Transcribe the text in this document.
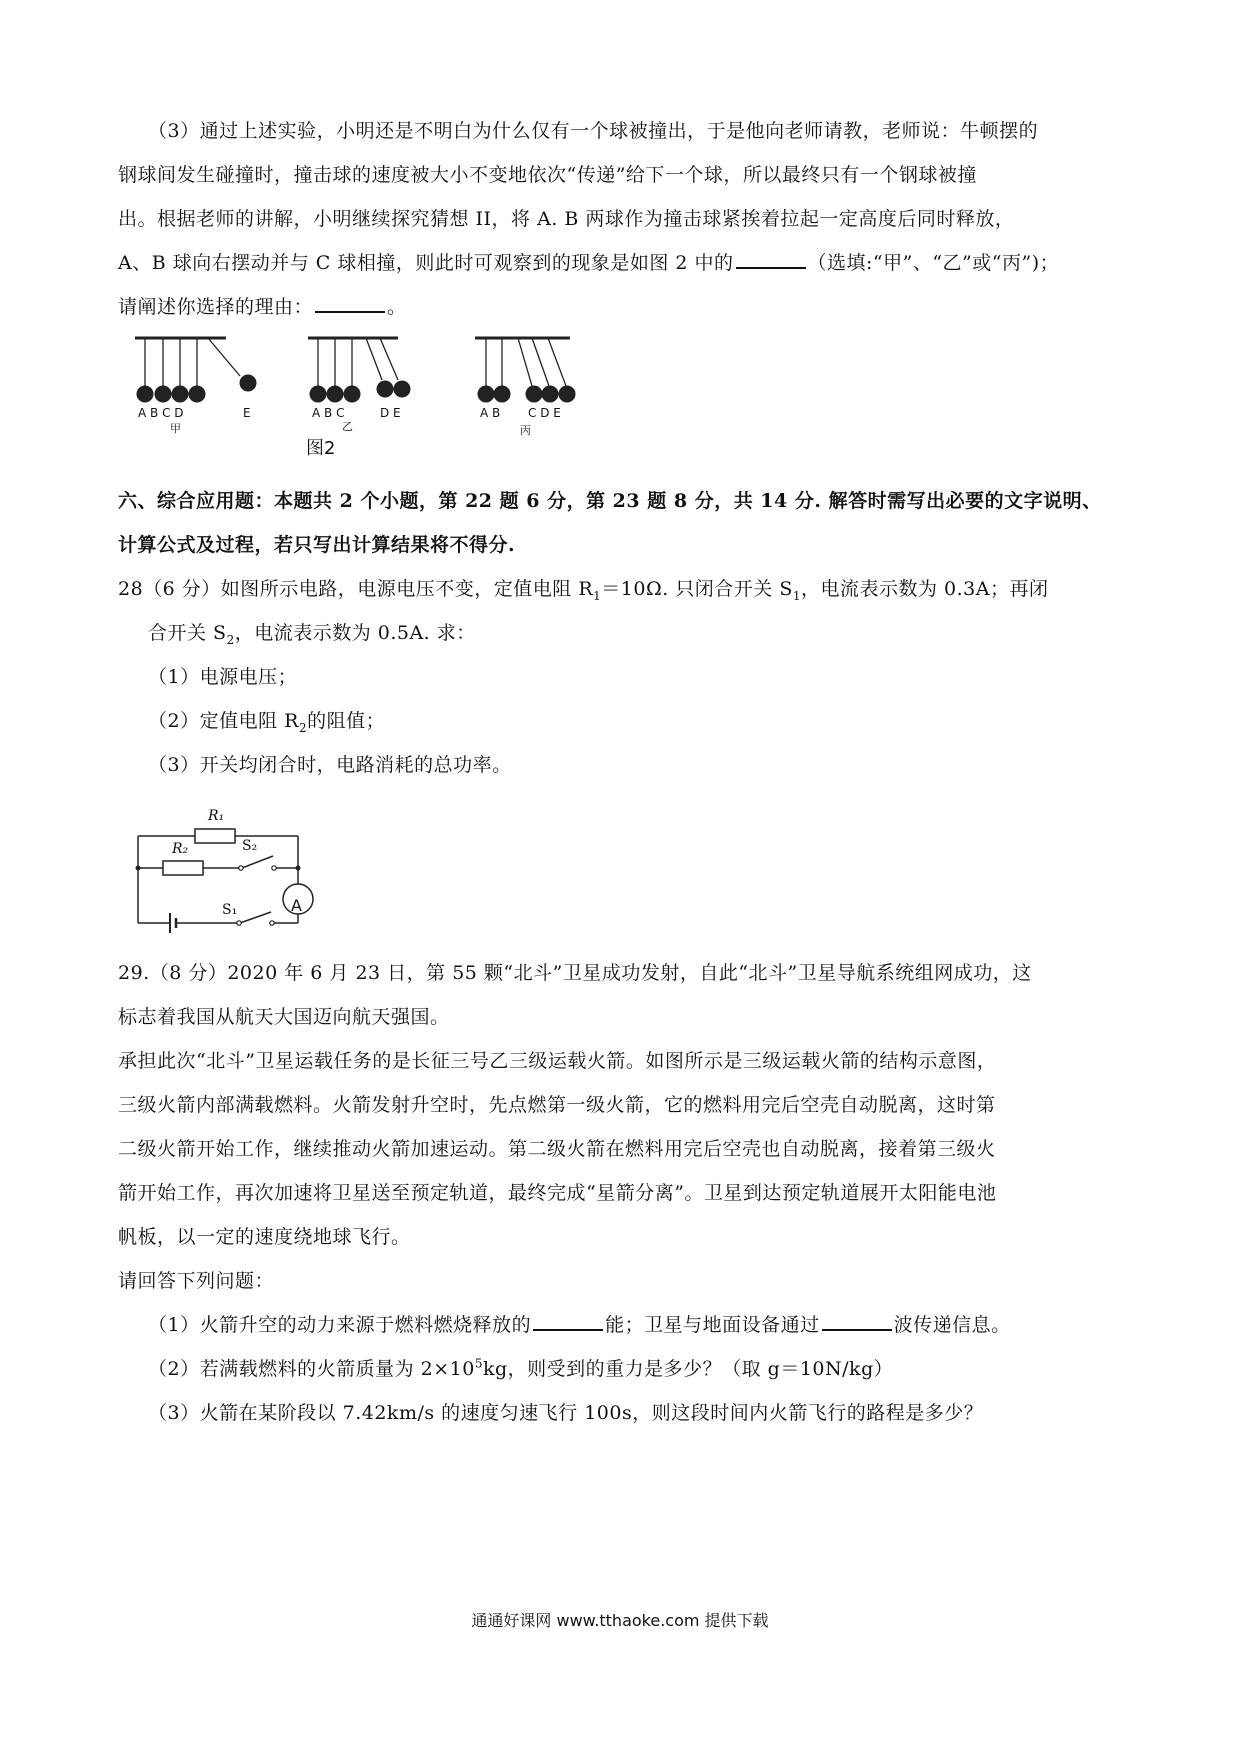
（3）通过上述实验，小明还是不明白为什么仅有一个球被撞出，于是他向老师请教，老师说：牛顿摆的
钢球间发生碰撞时，撞击球的速度被大小不变地依次“传递”给下一个球，所以最终只有一个钢球被撞
出。根据老师的讲解，小明继续探究猜想 II，将 A. B 两球作为撞击球紧挨着拉起一定高度后同时释放，
A、B 球向右摆动并与 C 球相撞，则此时可观察到的现象是如图 2 中的	（选填:“甲”、“乙”或“丙”)；
请阐述你选择的理由：	。
A B C D	E
甲
A B C	D E
乙
图2
A B C D E
丙
六、综合应用题：本题共 2 个小题，第 22 题 6 分，第 23 题 8 分，共 14 分. 解答时需写出必要的文字说明、
计算公式及过程，若只写出计算结果将不得分.
28（6 分）如图所示电路，电源电压不变，定值电阻 $R_1=10\Omega$. 只闭合开关 $S_1$，电流表示数为 0.3A；再闭
合开关 $S_2$，电流表示数为 0.5A. 求：
（1）电源电压；
（2）定值电阻 $R_2$的阻值；
（3）开关均闭合时，电路消耗的总功率。
R₁
R₂	S₂
S₁	A
29.（8 分）2020 年 6 月 23 日，第 55 颗“北斗”卫星成功发射，自此“北斗”卫星导航系统组网成功，这
标志着我国从航天大国迈向航天强国。
承担此次“北斗”卫星运载任务的是长征三号乙三级运载火箭。如图所示是三级运载火箭的结构示意图，
三级火箭内部满载燃料。火箭发射升空时，先点燃第一级火箭，它的燃料用完后空壳自动脱离，这时第
二级火箭开始工作，继续推动火箭加速运动。第二级火箭在燃料用完后空壳也自动脱离，接着第三级火
箭开始工作，再次加速将卫星送至预定轨道，最终完成“星箭分离”。卫星到达预定轨道展开太阳能电池
帆板，以一定的速度绕地球飞行。
请回答下列问题：
（1）火箭升空的动力来源于燃料燃烧释放的	能；卫星与地面设备通过	波传递信息。
（2）若满载燃料的火箭质量为 $2\times 10^5kg$，则受到的重力是多少？（取 g＝10N/kg）
（3）火箭在某阶段以 7.42km/s 的速度匀速飞行 100s，则这段时间内火箭飞行的路程是多少？
通通好课网 www.tthaoke.com 提供下载
